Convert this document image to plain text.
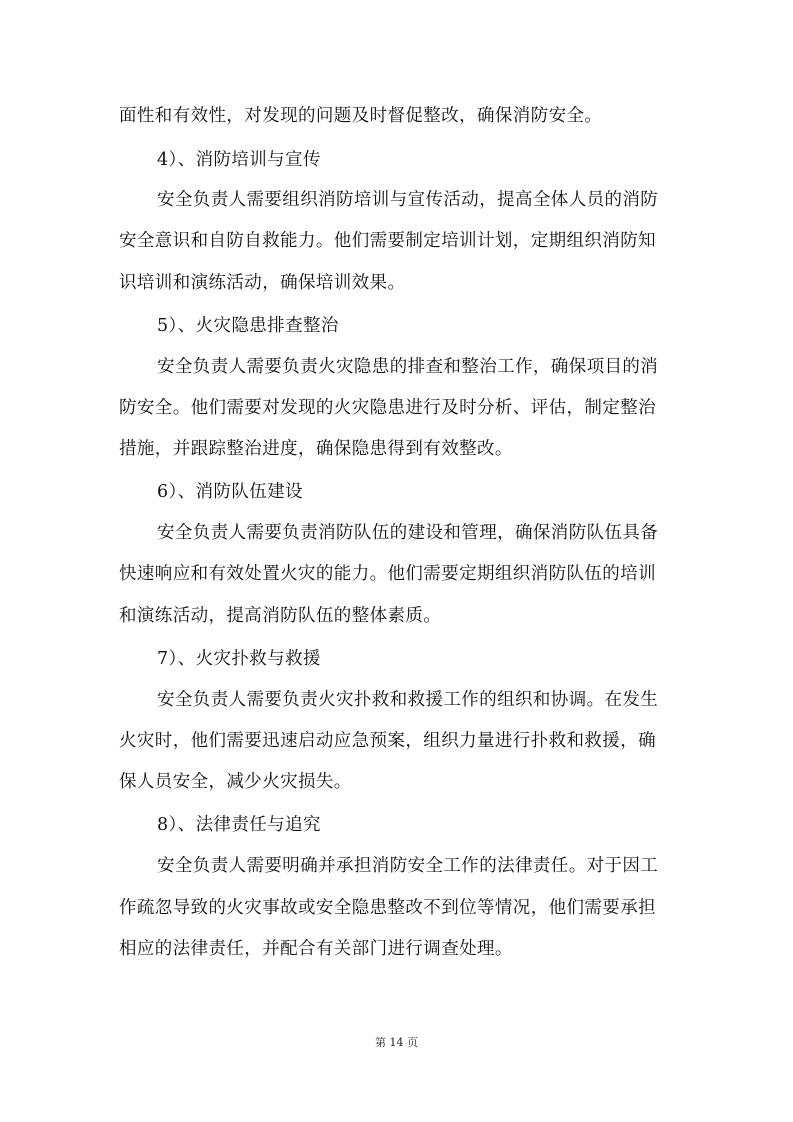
面性和有效性，对发现的问题及时督促整改，确保消防安全。
4）、消防培训与宣传
安全负责人需要组织消防培训与宣传活动，提高全体人员的消防
安全意识和自防自救能力。他们需要制定培训计划，定期组织消防知
识培训和演练活动，确保培训效果。
5）、火灾隐患排查整治
安全负责人需要负责火灾隐患的排查和整治工作，确保项目的消
防安全。他们需要对发现的火灾隐患进行及时分析、评估，制定整治
措施，并跟踪整治进度，确保隐患得到有效整改。
6）、消防队伍建设
安全负责人需要负责消防队伍的建设和管理，确保消防队伍具备
快速响应和有效处置火灾的能力。他们需要定期组织消防队伍的培训
和演练活动，提高消防队伍的整体素质。
7）、火灾扑救与救援
安全负责人需要负责火灾扑救和救援工作的组织和协调。在发生
火灾时，他们需要迅速启动应急预案，组织力量进行扑救和救援，确
保人员安全，减少火灾损失。
8）、法律责任与追究
安全负责人需要明确并承担消防安全工作的法律责任。对于因工
作疏忽导致的火灾事故或安全隐患整改不到位等情况，他们需要承担
相应的法律责任，并配合有关部门进行调查处理。
第 14 页
